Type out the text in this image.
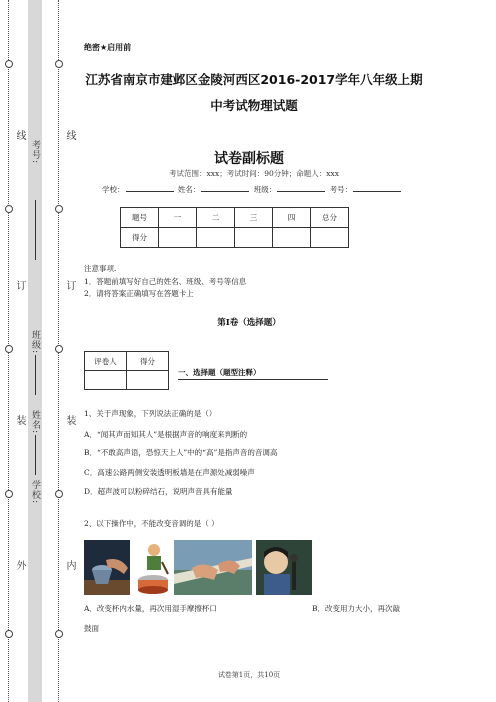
线
订
装
外
考号:
班级:
姓名:
学校:
线
订
装
内
绝密★启用前
江苏省南京市建邺区金陵河西区2016-2017学年八年级上期
中考试物理试题
试卷副标题
考试范围：xxx；考试时间：90分钟；命题人：xxx
学校：	姓名：	班级：	考号：
题号	一	二	三	四	总分
得分					
注意事项.
1．答题前填写好自己的姓名、班级、考号等信息
2．请将答案正确填写在答题卡上
第Ⅰ卷（选择题）
评卷人	得分

一、选择题（题型注释）
1、关于声现象，下列说法正确的是（）
A．“闻其声而知其人”是根据声音的响度来判断的
B．“不敢高声语，恐惊天上人”中的“高”是指声音的音调高
C．高速公路两侧安装透明板墙是在声源处减弱噪声
D．超声波可以粉碎结石，说明声音具有能量
2、以下操作中，不能改变音调的是（ ）
A．改变杯内水量，再次用湿手摩擦杯口	B．改变用力大小，再次敲
鼓面
试卷第1页，共10页
